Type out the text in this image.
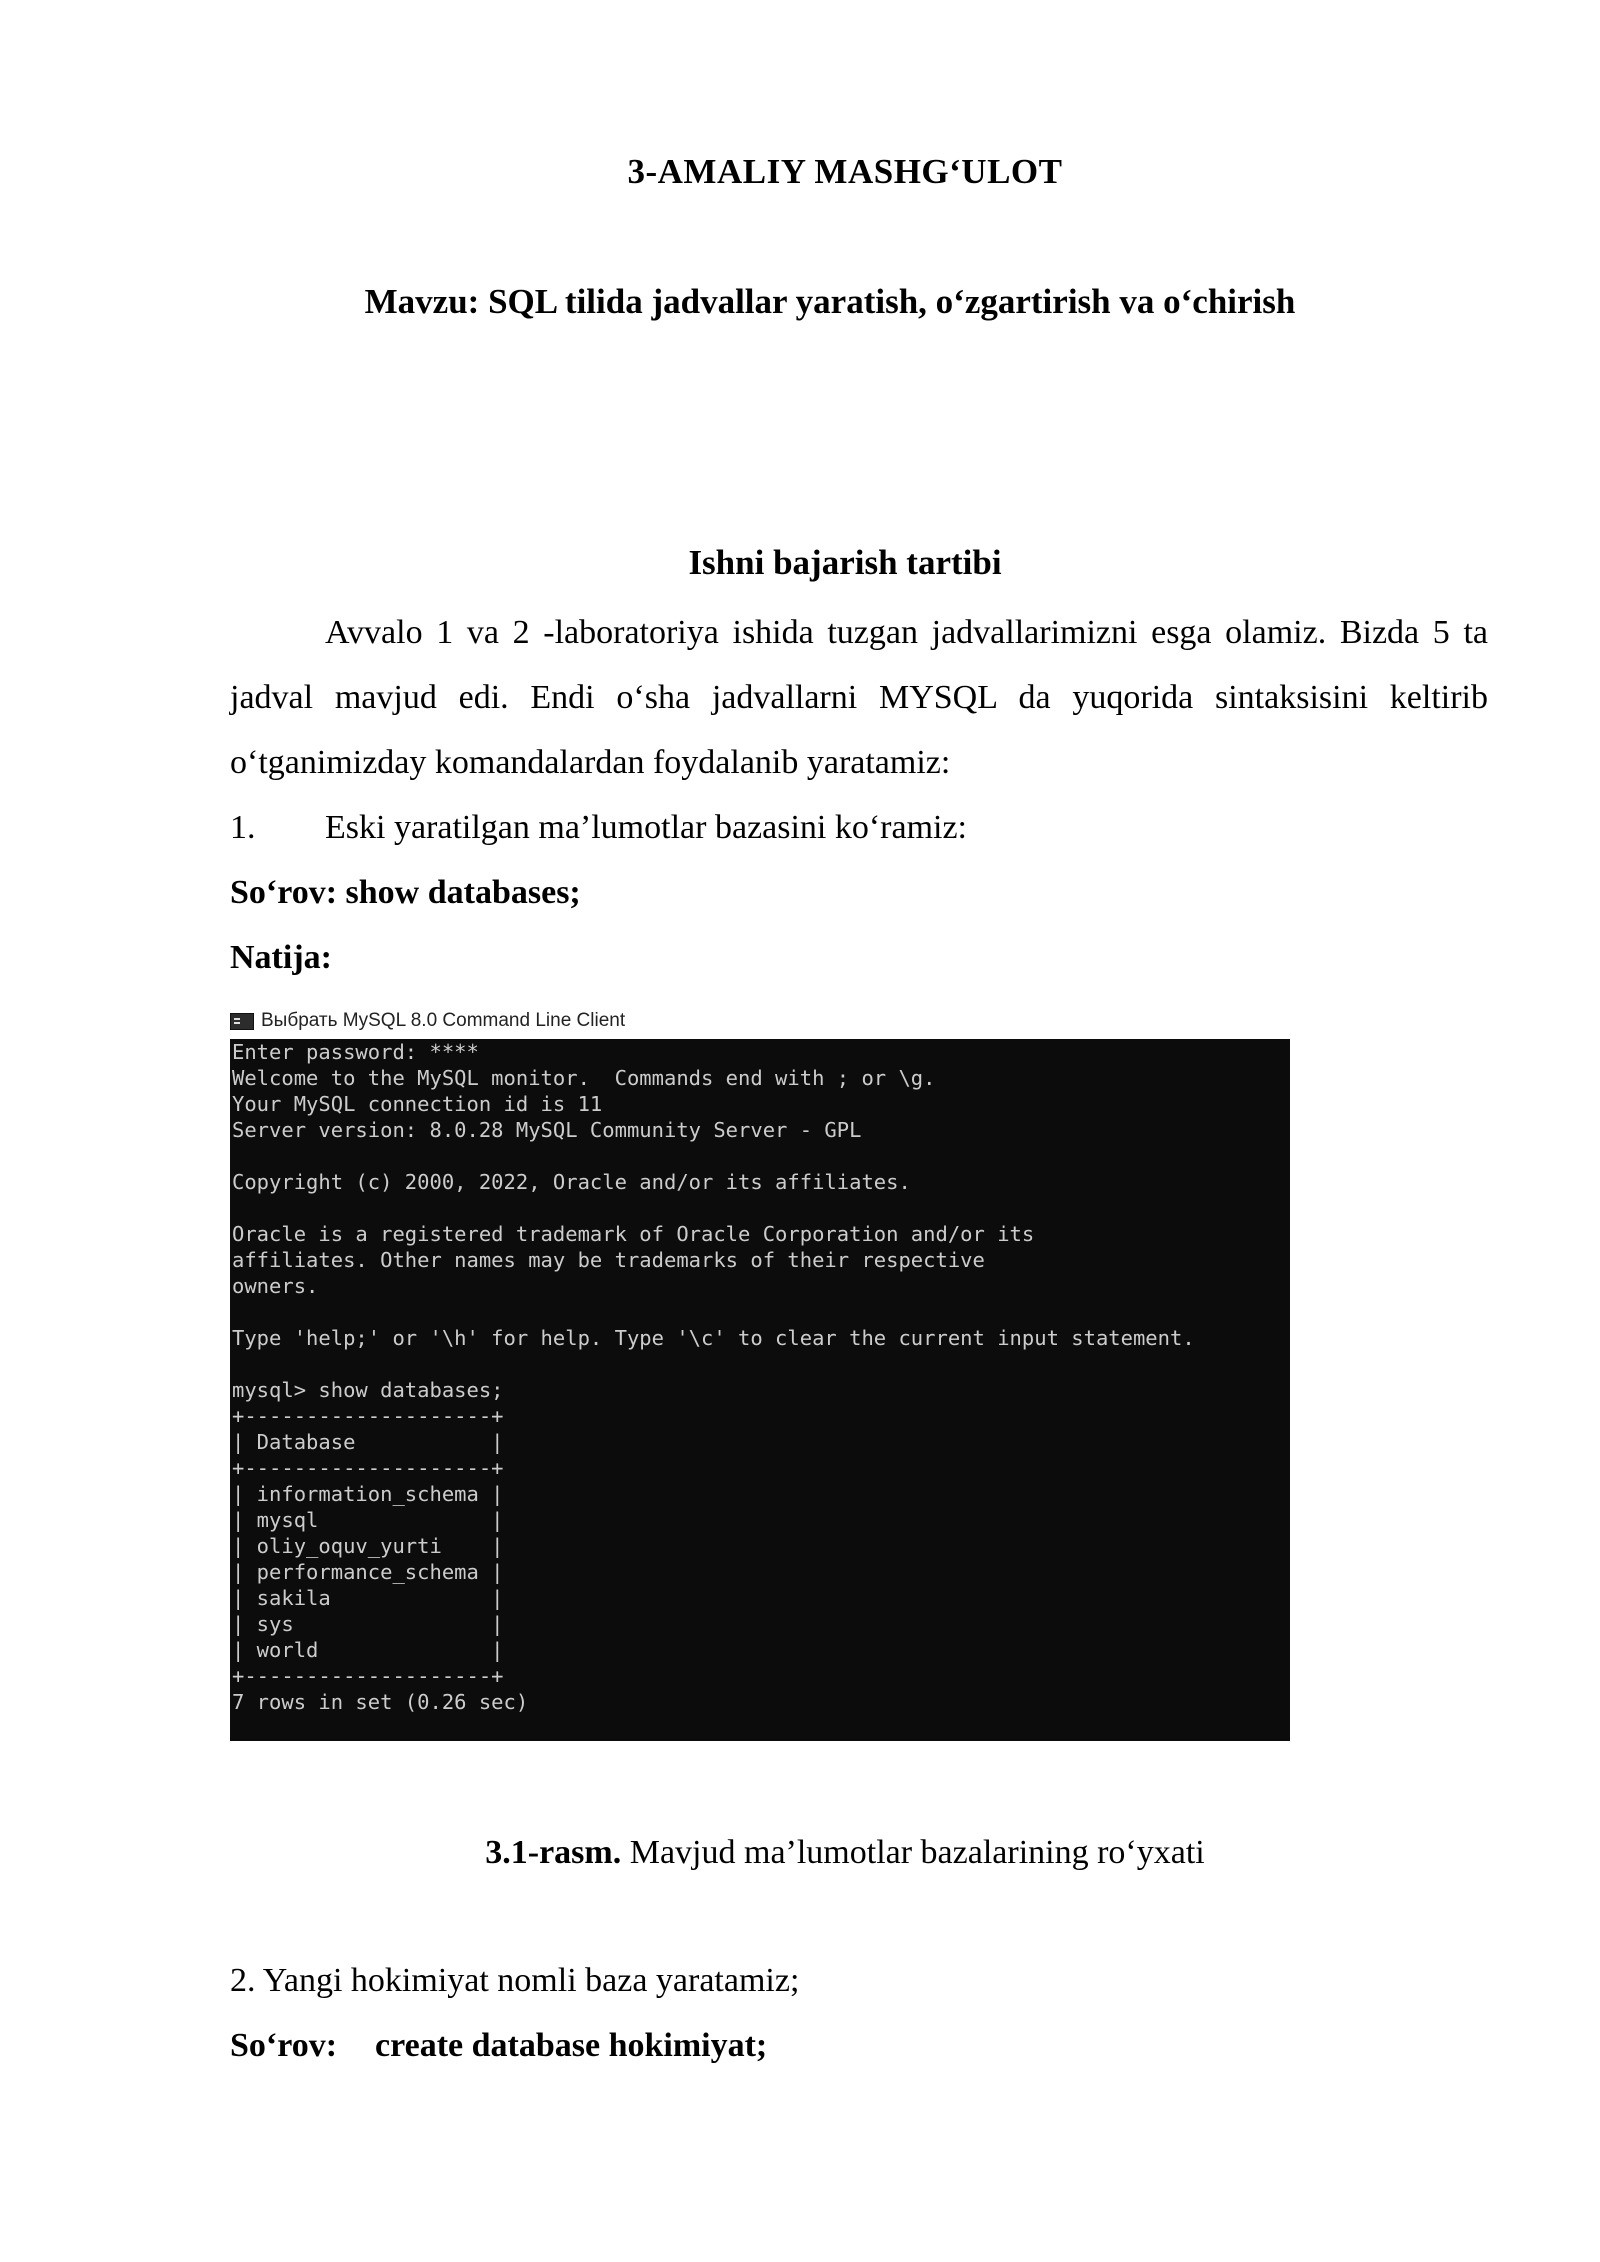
3-AMALIY MASHG‘ULOT
Mavzu: SQL tilida jadvallar yaratish, o‘zgartirish va o‘chirish
Ishni bajarish tartibi

Avvalo 1 va 2 -laboratoriya ishida tuzgan jadvallarimizni esga olamiz. Bizda 5 ta jadval mavjud edi. Endi o‘sha jadvallarni MYSQL da yuqorida sintaksisini keltirib o‘tganimizday komandalardan foydalanib yaratamiz:

1. Eski yaratilgan ma’lumotlar bazasini ko‘ramiz:
So‘rov: show databases;
Natija:
Выбрать MySQL 8.0 Command Line Client
Enter password: ****
Welcome to the MySQL monitor.  Commands end with ; or \g.
Your MySQL connection id is 11
Server version: 8.0.28 MySQL Community Server - GPL
Copyright (c) 2000, 2022, Oracle and/or its affiliates.
Oracle is a registered trademark of Oracle Corporation and/or its
affiliates. Other names may be trademarks of their respective
owners.
Type 'help;' or '\h' for help. Type '\c' to clear the current input statement.
mysql> show databases;
+--------------------+
| Database           |
+--------------------+
| information_schema |
| mysql              |
| oliy_oquv_yurti    |
| performance_schema |
| sakila             |
| sys                |
| world              |
+--------------------+
7 rows in set (0.26 sec)
3.1-rasm. Mavjud ma’lumotlar bazalarining ro‘yxati
2. Yangi hokimiyat nomli baza yaratamiz;
So‘rov: create database hokimiyat;
